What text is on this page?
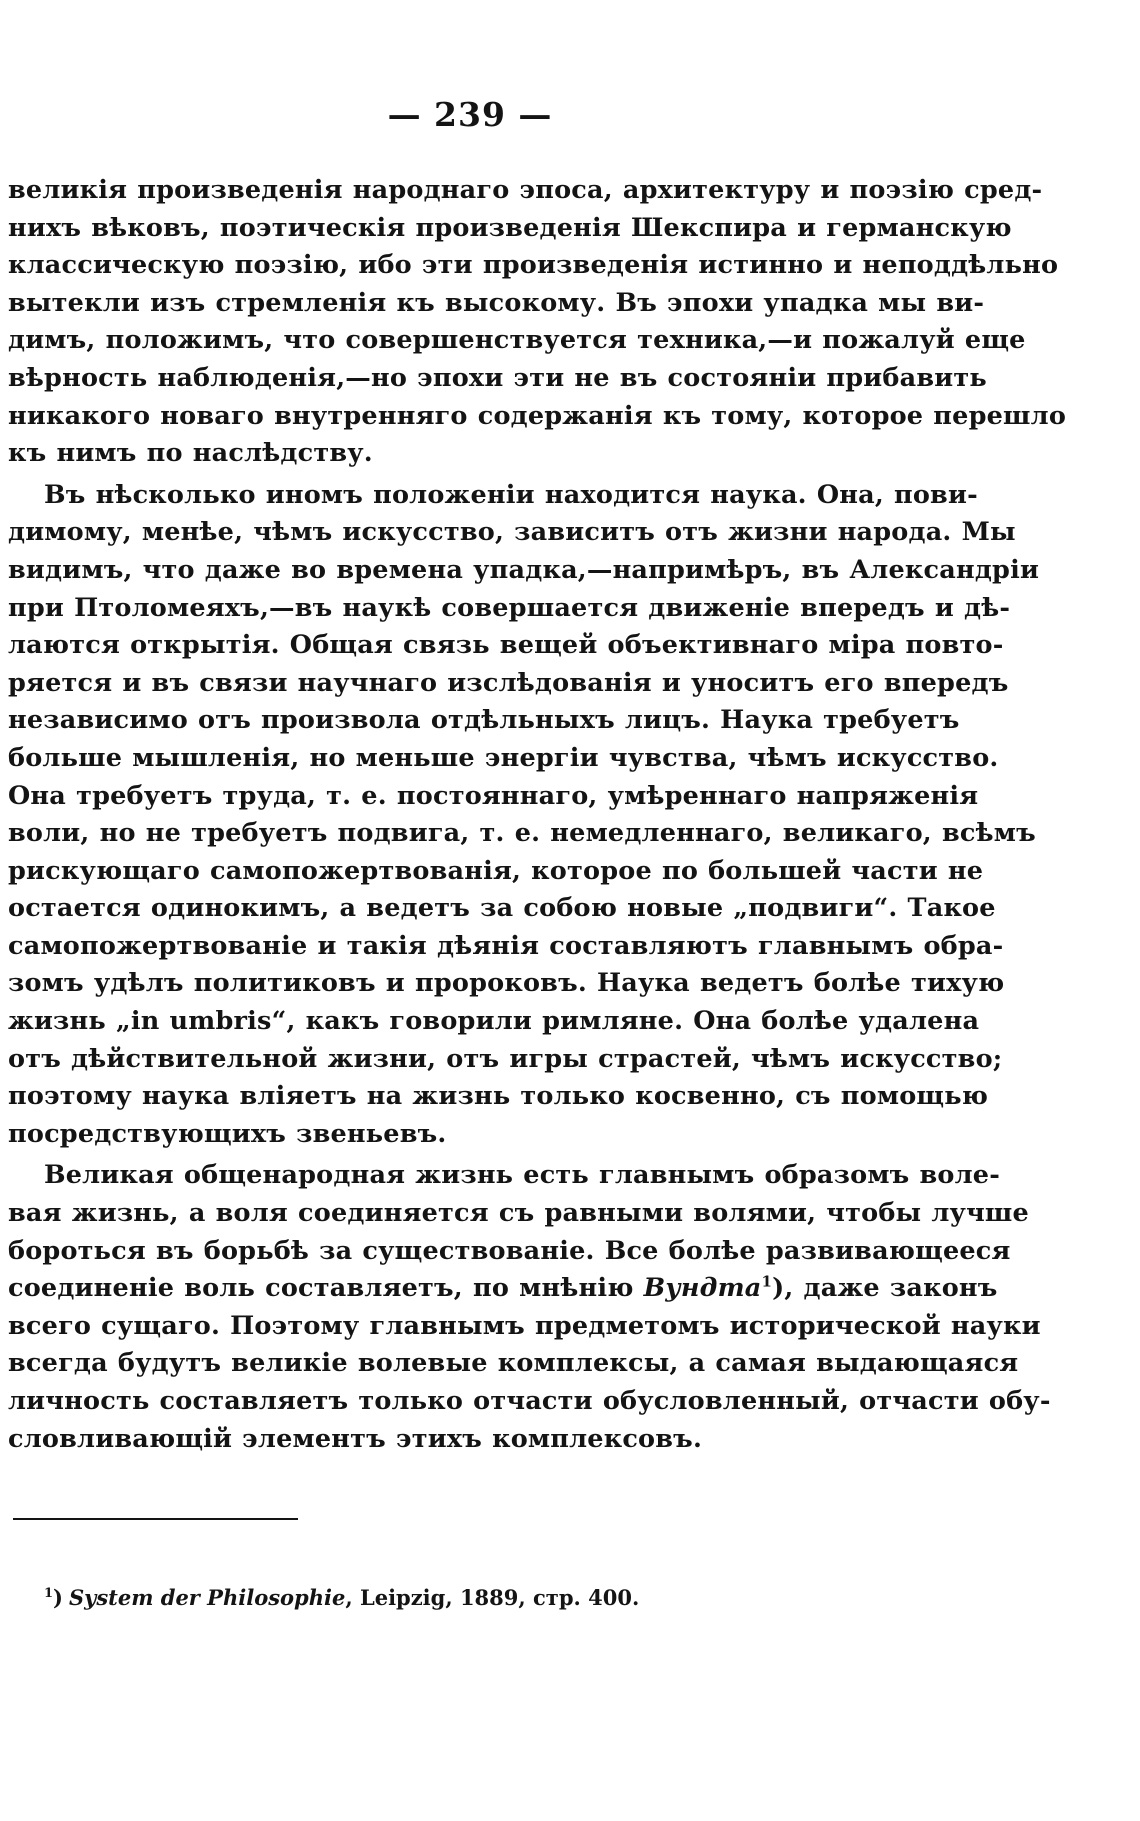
— 239 —
великія произведенія народнаго эпоса, архитектуру и поэзію сред-
нихъ вѣковъ, поэтическія произведенія Шекспира и германскую
классическую поэзію, ибо эти произведенія истинно и неподдѣльно
вытекли изъ стремленія къ высокому. Въ эпохи упадка мы ви-
димъ, положимъ, что совершенствуется техника,—и пожалуй еще
вѣрность наблюденія,—но эпохи эти не въ состояніи прибавить
никакого новаго внутренняго содержанія къ тому, которое перешло
къ нимъ по наслѣдству.
Въ нѣсколько иномъ положеніи находится наука. Она, пови-
димому, менѣе, чѣмъ искусство, зависитъ отъ жизни народа. Мы
видимъ, что даже во времена упадка,—напримѣръ, въ Александріи
при Птоломеяхъ,—въ наукѣ совершается движеніе впередъ и дѣ-
лаются открытія. Общая связь вещей объективнаго міра повто-
ряется и въ связи научнаго изслѣдованія и уноситъ его впередъ
независимо отъ произвола отдѣльныхъ лицъ. Наука требуетъ
больше мышленія, но меньше энергіи чувства, чѣмъ искусство.
Она требуетъ труда, т. е. постояннаго, умѣреннаго напряженія
воли, но не требуетъ подвига, т. е. немедленнаго, великаго, всѣмъ
рискующаго самопожертвованія, которое по большей части не
остается одинокимъ, а ведетъ за собою новые „подвиги“. Такое
самопожертвованіе и такія дѣянія составляютъ главнымъ обра-
зомъ удѣлъ политиковъ и пророковъ. Наука ведетъ болѣе тихую
жизнь „in umbris“, какъ говорили римляне. Она болѣе удалена
отъ дѣйствительной жизни, отъ игры страстей, чѣмъ искусство;
поэтому наука вліяетъ на жизнь только косвенно, съ помощью
посредствующихъ звеньевъ.
Великая общенародная жизнь есть главнымъ образомъ воле-
вая жизнь, а воля соединяется съ равными волями, чтобы лучше
бороться въ борьбѣ за существованіе. Все болѣе развивающееся
соединеніе воль составляетъ, по мнѣнію Вундта$^1$), даже законъ
всего сущаго. Поэтому главнымъ предметомъ исторической науки
всегда будутъ великіе волевые комплексы, а самая выдающаяся
личность составляетъ только отчасти обусловленный, отчасти обу-
словливающій элементъ этихъ комплексовъ.
$^1$) System der Philosophie, Leipzig, 1889, стр. 400.
